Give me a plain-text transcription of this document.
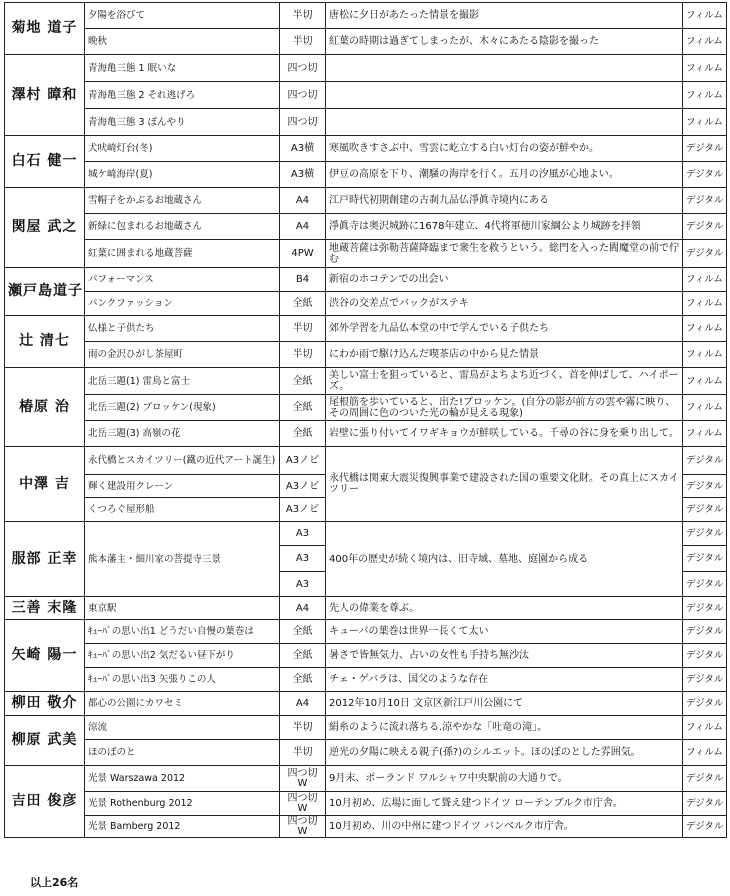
菊地 道子	夕陽を浴びて	半切	唐松に夕日があたった情景を撮影	フィルム
	晩秋	半切	紅葉の時期は過ぎてしまったが、木々にあたる陰影を撮った	フィルム
澤村 暲和	青海亀三態 1 眠いな	四つ切		フィルム
	青海亀三態 2 それ逃げろ	四つ切		フィルム
	青海亀三態 3 ぼんやり	四つ切		フィルム
白石 健一	犬吠崎灯台(冬)	A3横	寒風吹きすさぶ中、雪雲に屹立する白い灯台の姿が鮮やか。	デジタル
	城ケ崎海岸(夏)	A3横	伊豆の高原を下り、潮騒の海岸を行く。五月の汐風が心地よい。	デジタル
関屋 武之	雪帽子をかぶるお地蔵さん	A4	江戸時代初期創建の古刹九品仏淨眞寺境内にある	デジタル
	新緑に包まれるお地蔵さん	A4	淨眞寺は奥沢城跡に1678年建立、4代将軍徳川家綱公より城跡を拝領	デジタル
	紅葉に囲まれる地蔵菩薩	4PW	地蔵菩薩は弥勒菩薩降臨まで衆生を救うという。総門を入った閻魔堂の前で佇む	デジタル
瀬戸島道子	パフォーマンス	B4	新宿のホコテンでの出会い	フィルム
	パンクファッション	全紙	渋谷の交差点でバックがステキ	フィルム
辻 清七	仏様と子供たち	半切	郊外学習を九品仏本堂の中で学んでいる子供たち	フィルム
	雨の金沢ひがし茶屋町	半切	にわか雨で駆け込んだ喫茶店の中から見た情景	フィルム
椿原 治	北岳三題(1) 雷鳥と富士	全紙	美しい富士を狙っていると、雷鳥がよちよち近づく、首を伸ばして、ハイポーズ。	フィルム
	北岳三題(2) ブロッケン(現象)	全紙	尾根筋を歩いていると、出た!ブロッケン。(自分の影が前方の雲や霧に映り、その周囲に色のついた光の輪が見える現象)	フィルム
	北岳三題(3) 高嶺の花	全紙	岩壁に張り付いてイワギキョウが鮮咲している。千尋の谷に身を乗り出して。	フィルム
中澤 吉	永代橋とスカイツリー(鐵の近代アート誕生)	A3ノビ	永代橋は関東大震災復興事業で建設された国の重要文化財。その真上にスカイツリー	デジタル
	輝く建設用クレーン	A3ノビ		デジタル
	くつろぐ屋形船	A3ノビ		デジタル
服部 正幸	熊本藩主・細川家の菩提寺三景	A3	400年の歴史が続く境内は、旧寺域、墓地、庭園から成る	デジタル
		A3		デジタル
		A3		デジタル
三善 末隆	東京駅	A4	先人の偉業を尊ぶ。	デジタル
矢崎 陽一	ｷｭｰﾊﾞの思い出1 どうだい自慢の葉巻は	全紙	キューバの葉巻は世界一長くて太い	デジタル
	ｷｭｰﾊﾞの思い出2 気だるい昼下がり	全紙	暑さで皆無気力、占いの女性も手持ち無沙汰	デジタル
	ｷｭｰﾊﾞの思い出3 矢張りこの人	全紙	チェ・ゲバラは、国父のような存在	デジタル
柳田 敬介	都心の公園にカワセミ	A4	2012年10月10日 文京区新江戸川公園にて	デジタル
柳原 武美	涼流	半切	絹糸のように流れ落ちる.涼やかな「吐竜の滝」。	フィルム
	ほのぼのと	半切	逆光の夕陽に映える親子(孫?)のシルエット。ほのぼのとした雰囲気。	フィルム
吉田 俊彦	光景 Warszawa 2012	四つ切W	9月末、ポーランド ワルシャワ中央駅前の大通りで。	デジタル
	光景 Rothenburg 2012	四つ切W	10月初め、広場に面して聳え建つドイツ ローテンブルク市庁舎。	デジタル
	光景 Bamberg 2012	四つ切W	10月初め、川の中州に建つドイツ バンベルク市庁舎。	デジタル
以上26名
